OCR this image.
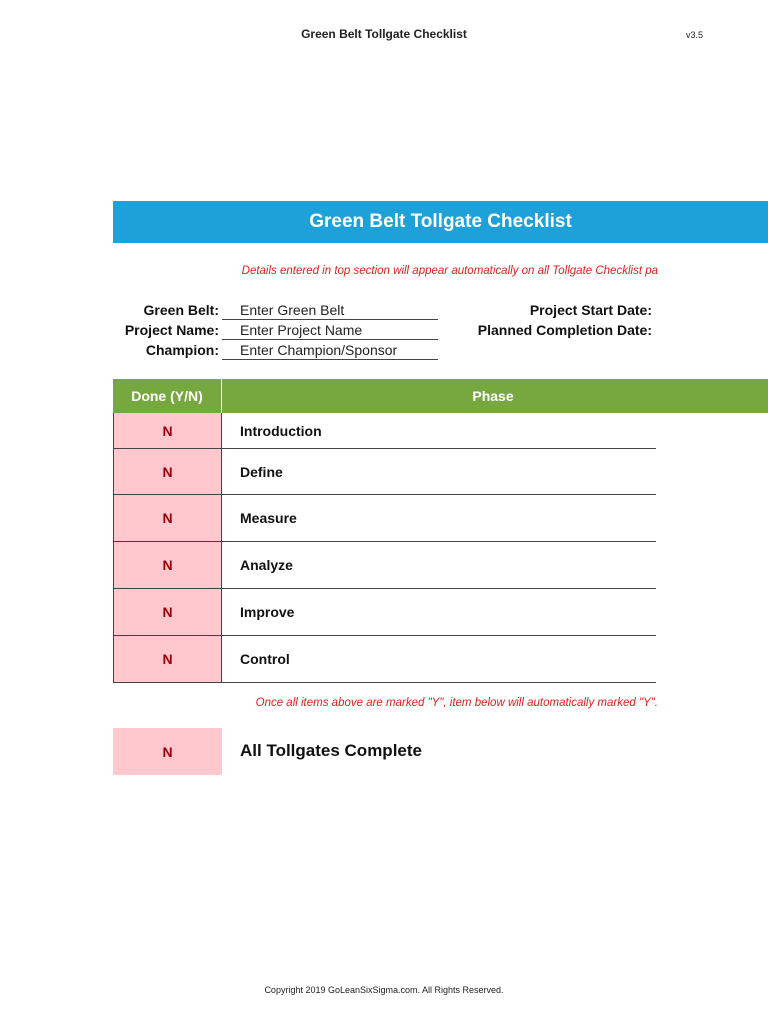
Green Belt Tollgate Checklist	v3.5
Green Belt Tollgate Checklist
Details entered in top section will appear automatically on all Tollgate Checklist pa
Green Belt:	Enter Green Belt
Project Name:	Enter Project Name
Champion:	Enter Champion/Sponsor
Project Start Date:
Planned Completion Date:
Done (Y/N)	Phase
N	Introduction
N	Define
N	Measure
N	Analyze
N	Improve
N	Control
Once all items above are marked "Y", item below will automatically marked "Y".
N	All Tollgates Complete
Copyright 2019 GoLeanSixSigma.com. All Rights Reserved.
